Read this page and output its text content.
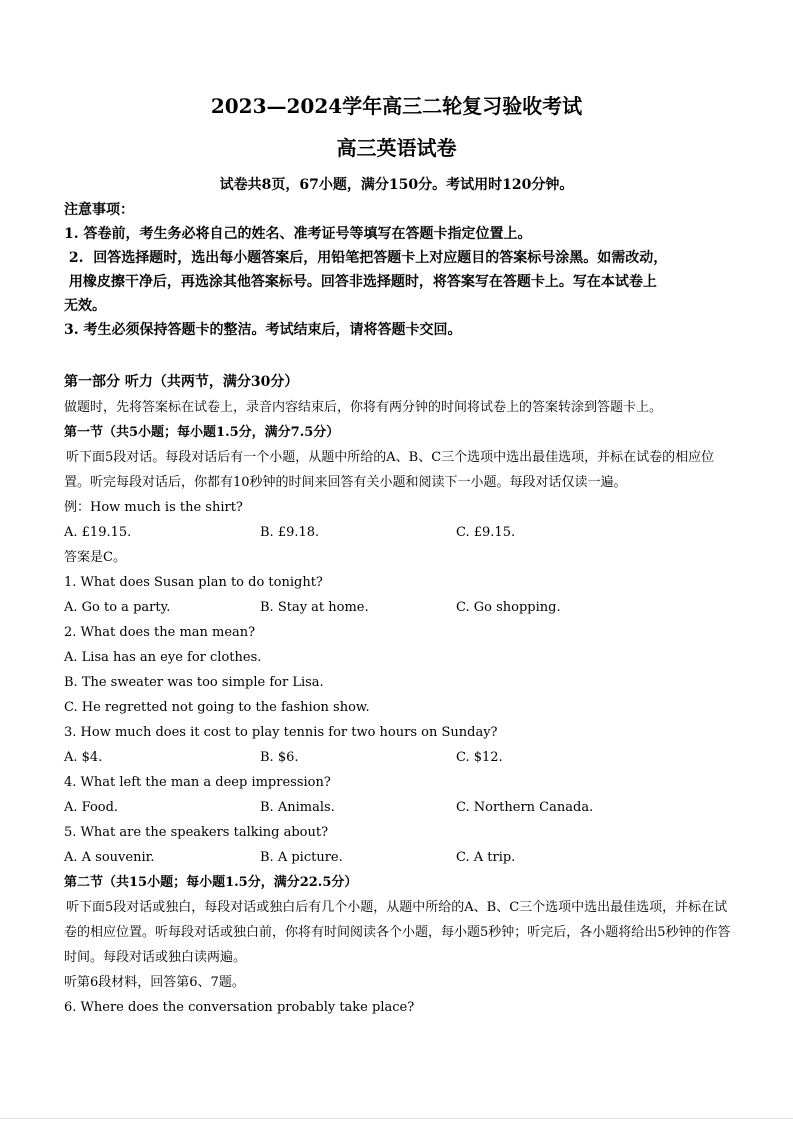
2023—2024学年高三二轮复习验收考试
高三英语试卷
试卷共8页，67小题，满分150分。考试用时120分钟。

注意事项：

1. 答卷前，考生务必将自己的姓名、准考证号等填写在答题卡指定位置上。

2.  回答选择题时，选出每小题答案后，用铅笔把答题卡上对应题目的答案标号涂黑。如需改动，

用橡皮擦干净后，再选涂其他答案标号。回答非选择题时，将答案写在答题卡上。写在本试卷上

无效。

3. 考生必须保持答题卡的整洁。考试结束后，请将答题卡交回。

第一部分 听力（共两节，满分30分）

做题时，先将答案标在试卷上，录音内容结束后，你将有两分钟的时间将试卷上的答案转涂到答题卡上。

第一节（共5小题；每小题1.5分，满分7.5分）

听下面5段对话。每段对话后有一个小题，从题中所给的A、B、C三个选项中选出最佳选项，并标在试卷的相应位置。听完每段对话后，你都有10秒钟的时间来回答有关小题和阅读下一小题。每段对话仅读一遍。

例：How much is the shirt?

A. £19.15.	B. £9.18.	C. £9.15.

答案是C。

1. What does Susan plan to do tonight?

A. Go to a party.	B. Stay at home.	C. Go shopping.

2. What does the man mean?

A. Lisa has an eye for clothes.

B. The sweater was too simple for Lisa.

C. He regretted not going to the fashion show.

3. How much does it cost to play tennis for two hours on Sunday?

A. $4.	B. $6.	C. $12.

4. What left the man a deep impression?

A. Food.	B. Animals.	C. Northern Canada.

5. What are the speakers talking about?

A. A souvenir.	B. A picture.	C. A trip.

第二节（共15小题；每小题1.5分，满分22.5分）

听下面5段对话或独白，每段对话或独白后有几个小题，从题中所给的A、B、C三个选项中选出最佳选项，并标在试卷的相应位置。听每段对话或独白前，你将有时间阅读各个小题，每小题5秒钟；听完后，各小题将给出5秒钟的作答时间。每段对话或独白读两遍。

听第6段材料，回答第6、7题。

6. Where does the conversation probably take place?
